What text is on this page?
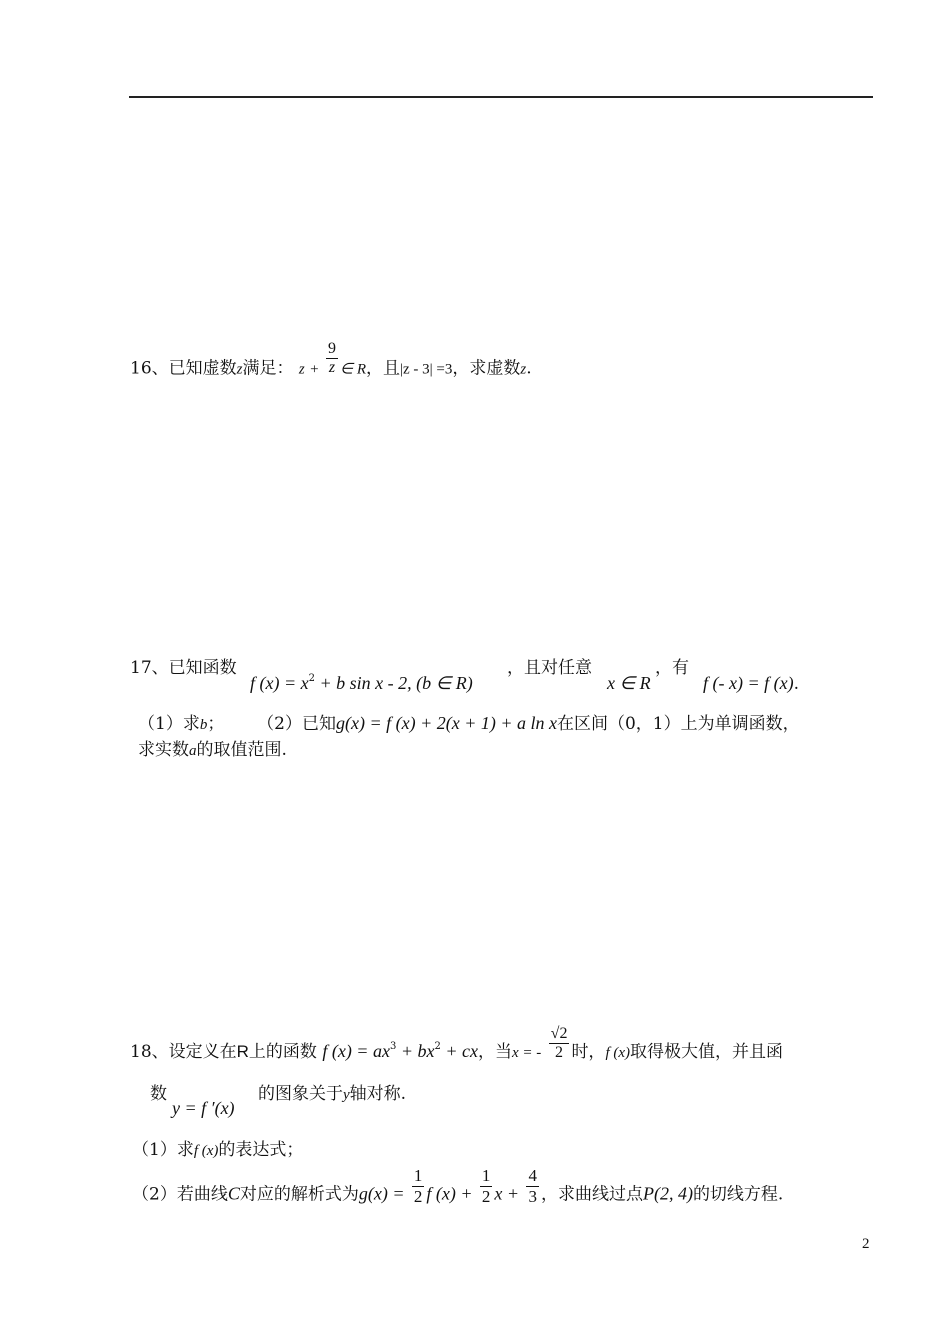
16、已知虚数z满足： $z + \frac{9}{z}$ ∈ R，且|z - 3| =3，求虚数z.
17、已知函数
f $(x) = x^2 + b$ sin x - 2, (b ∈ R)
，且对任意
x ∈ R
，有
f (- x) = f (x).
（1）求b； （2）已知g(x) = f (x) + 2(x + 1) + a ln x在区间（0，1）上为单调函数，
求实数a的取值范围.
18、设定义在R上的函数 f $(x) = ax^3 + bx^2$ + cx，当x = - $\frac{√2}{2}$ 时，f (x)取得极大值，并且函
数
y = f ′(x)
的图象关于y轴对称.
（1）求f (x)的表达式；
（2）若曲线C对应的解析式为$g(x) = \frac{1}{2}$ f $(x) + \frac{1}{2}$ $x + \frac{4}{3}$ ，求曲线过点P(2, 4)的切线方程.
2
